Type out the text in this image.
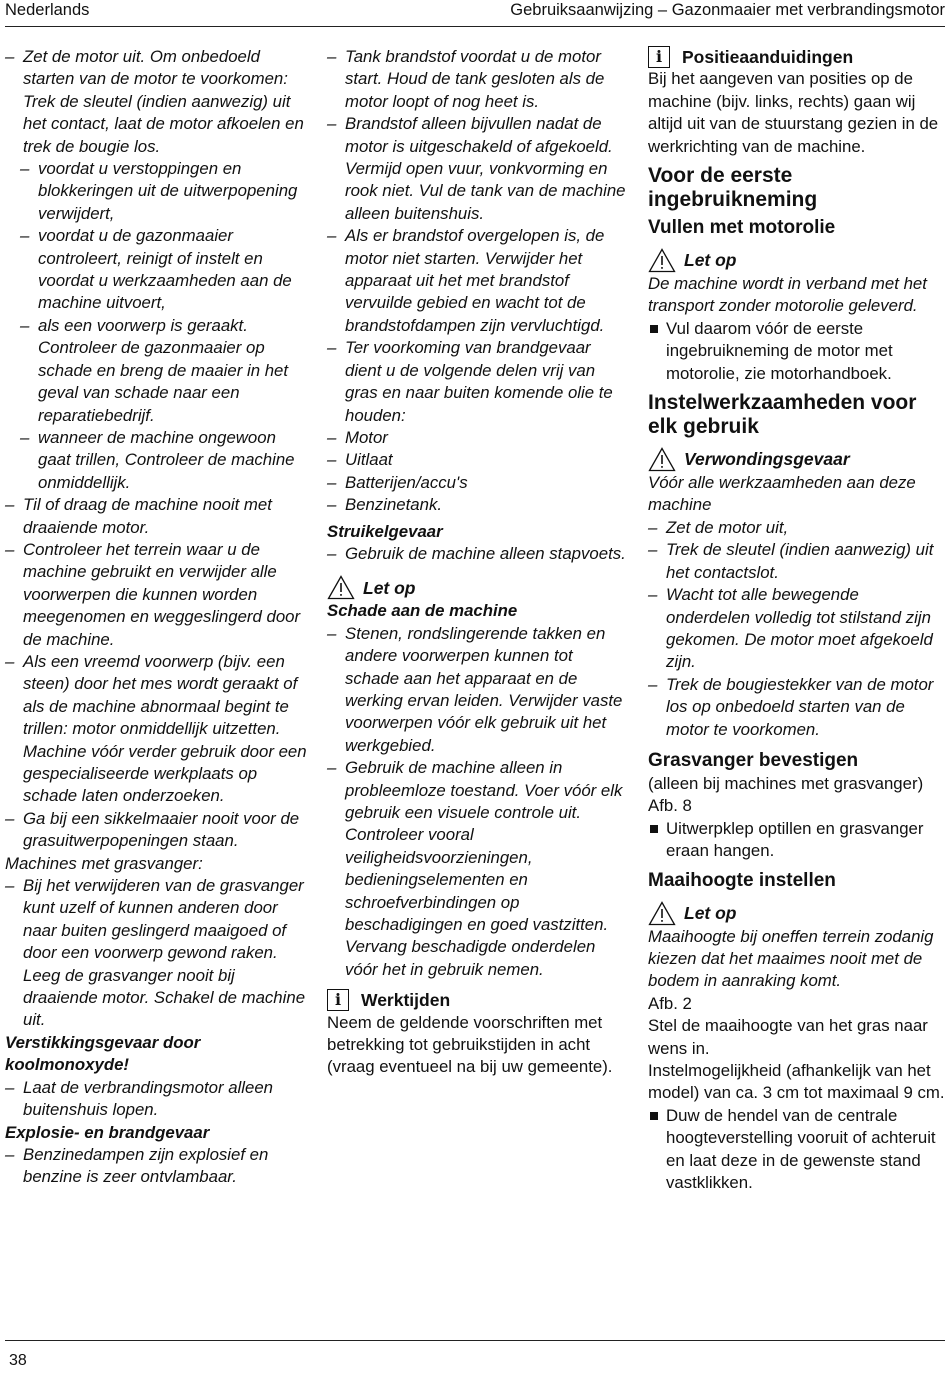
Nederlands	Gebruiksaanwijzing – Gazonmaaier met verbrandingsmotor
– Zet de motor uit. Om onbedoeld starten van de motor te voorkomen: Trek de sleutel (indien aanwezig) uit het contact, laat de motor afkoelen en trek de bougie los.
– voordat u verstoppingen en blokkeringen uit de uitwerpopening verwijdert,
– voordat u de gazonmaaier controleert, reinigt of instelt en voordat u werkzaamheden aan de machine uitvoert,
– als een voorwerp is geraakt. Controleer de gazonmaaier op schade en breng de maaier in het geval van schade naar een reparatiebedrijf.
– wanneer de machine ongewoon gaat trillen, Controleer de machine onmiddellijk.
– Til of draag de machine nooit met draaiende motor.
– Controleer het terrein waar u de machine gebruikt en verwijder alle voorwerpen die kunnen worden meegenomen en weggeslingerd door de machine.
– Als een vreemd voorwerp (bijv. een steen) door het mes wordt geraakt of als de machine abnormaal begint te trillen: motor onmiddellijk uitzetten.
Machine vóór verder gebruik door een gespecialiseerde werkplaats op schade laten onderzoeken.
– Ga bij een sikkelmaaier nooit voor de grasuitwerpopeningen staan.
Machines met grasvanger:
– Bij het verwijderen van de grasvanger kunt uzelf of kunnen anderen door naar buiten geslingerd maaigoed of door een voorwerp gewond raken. Leeg de grasvanger nooit bij draaiende motor. Schakel de machine uit.
Verstikkingsgevaar door koolmonoxyde!
– Laat de verbrandingsmotor alleen buitenshuis lopen.
Explosie- en brandgevaar
– Benzinedampen zijn explosief en benzine is zeer ontvlambaar.
– Tank brandstof voordat u de motor start. Houd de tank gesloten als de motor loopt of nog heet is.
– Brandstof alleen bijvullen nadat de motor is uitgeschakeld of afgekoeld. Vermijd open vuur, vonkvorming en rook niet. Vul de tank van de machine alleen buitenshuis.
– Als er brandstof overgelopen is, de motor niet starten. Verwijder het apparaat uit het met brandstof vervuilde gebied en wacht tot de brandstofdampen zijn vervluchtigd.
– Ter voorkoming van brandgevaar dient u de volgende delen vrij van gras en naar buiten komende olie te houden:
– Motor
– Uitlaat
– Batterijen/accu's
– Benzinetank.
Struikelgevaar
– Gebruik de machine alleen stapvoets.
Let op
Schade aan de machine
– Stenen, rondslingerende takken en andere voorwerpen kunnen tot schade aan het apparaat en de werking ervan leiden. Verwijder vaste voorwerpen vóór elk gebruik uit het werkgebied.
– Gebruik de machine alleen in probleemloze toestand. Voer vóór elk gebruik een visuele controle uit. Controleer vooral veiligheidsvoorzieningen, bedieningselementen en schroefverbindingen op beschadigingen en goed vastzitten.
Vervang beschadigde onderdelen vóór het in gebruik nemen.
i	Werktijden
Neem de geldende voorschriften met betrekking tot gebruikstijden in acht (vraag eventueel na bij uw gemeente).
i	Positieaanduidingen
Bij het aangeven van posities op de machine (bijv. links, rechts) gaan wij altijd uit van de stuurstang gezien in de werkrichting van de machine.
Voor de eerste ingebruikneming
Vullen met motorolie
Let op
De machine wordt in verband met het transport zonder motorolie geleverd.
Vul daarom vóór de eerste ingebruikneming de motor met motorolie, zie motorhandboek.
Instelwerkzaamheden voor elk gebruik
Verwondingsgevaar
Vóór alle werkzaamheden aan deze machine
– Zet de motor uit,
– Trek de sleutel (indien aanwezig) uit het contactslot.
– Wacht tot alle bewegende onderdelen volledig tot stilstand zijn gekomen. De motor moet afgekoeld zijn.
– Trek de bougiestekker van de motor los op onbedoeld starten van de motor te voorkomen.
Grasvanger bevestigen
(alleen bij machines met grasvanger)
Afb. 8
Uitwerpklep optillen en grasvanger eraan hangen.
Maaihoogte instellen
Let op
Maaihoogte bij oneffen terrein zodanig kiezen dat het maaimes nooit met de bodem in aanraking komt.
Afb. 2
Stel de maaihoogte van het gras naar wens in.
Instelmogelijkheid (afhankelijk van het model) van ca. 3 cm tot maximaal 9 cm.
Duw de hendel van de centrale hoogteverstelling vooruit of achteruit en laat deze in de gewenste stand vastklikken.
38
